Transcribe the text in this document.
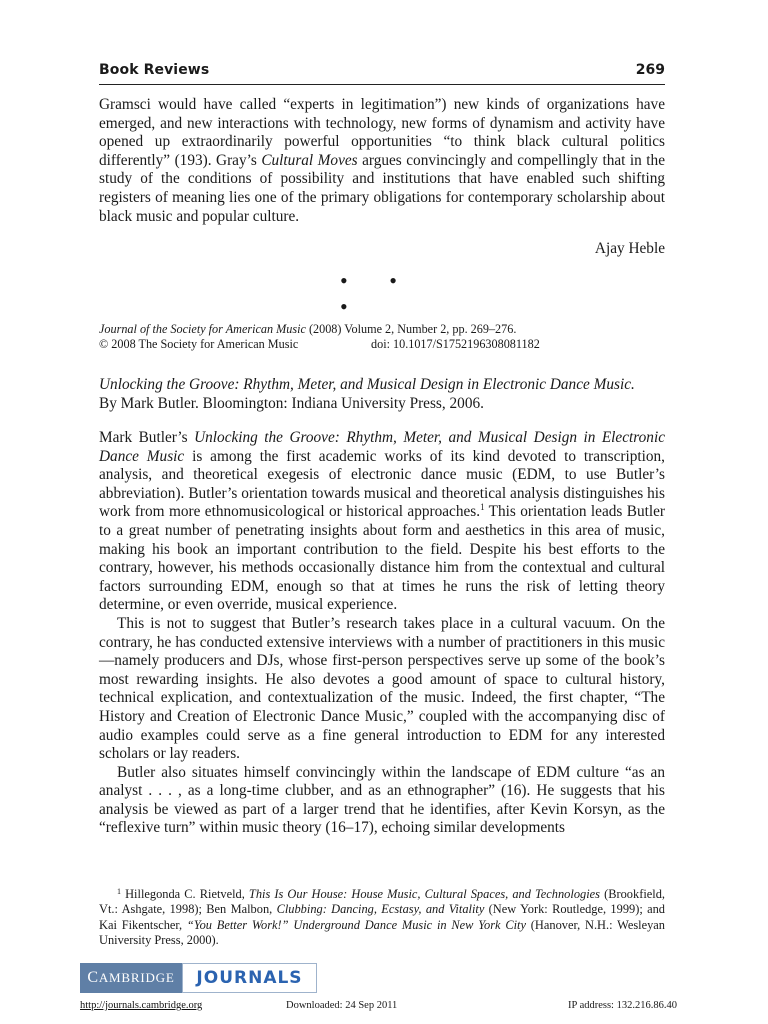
Book Reviews	269

Gramsci would have called “experts in legitimation”) new kinds of organizations have emerged, and new interactions with technology, new forms of dynamism and activity have opened up extraordinarily powerful opportunities “to think black cultural politics differently” (193). Gray’s Cultural Moves argues convincingly and compellingly that in the study of the conditions of possibility and institutions that have enabled such shifting registers of meaning lies one of the primary obligations for contemporary scholarship about black music and popular culture.

Ajay Heble
• • •
Journal of the Society for American Music (2008) Volume 2, Number 2, pp. 269–276.
© 2008 The Society for American Music	doi: 10.1017/S1752196308081182
Unlocking the Groove: Rhythm, Meter, and Musical Design in Electronic Dance Music.
By Mark Butler. Bloomington: Indiana University Press, 2006.

Mark Butler’s Unlocking the Groove: Rhythm, Meter, and Musical Design in Electronic Dance Music is among the first academic works of its kind devoted to transcription, analysis, and theoretical exegesis of electronic dance music (EDM, to use Butler’s abbreviation). Butler’s orientation towards musical and theoretical analysis distinguishes his work from more ethnomusicological or historical approaches.$^1$ This orientation leads Butler to a great number of penetrating insights about form and aesthetics in this area of music, making his book an important contribution to the field. Despite his best efforts to the contrary, however, his methods occasionally distance him from the contextual and cultural factors surrounding EDM, enough so that at times he runs the risk of letting theory determine, or even override, musical experience.

This is not to suggest that Butler’s research takes place in a cultural vacuum. On the contrary, he has conducted extensive interviews with a number of practitioners in this music—namely producers and DJs, whose first-person perspectives serve up some of the book’s most rewarding insights. He also devotes a good amount of space to cultural history, technical explication, and contextualization of the music. Indeed, the first chapter, “The History and Creation of Electronic Dance Music,” coupled with the accompanying disc of audio examples could serve as a fine general introduction to EDM for any interested scholars or lay readers.

Butler also situates himself convincingly within the landscape of EDM culture “as an analyst . . . , as a long-time clubber, and as an ethnographer” (16). He suggests that his analysis be viewed as part of a larger trend that he identifies, after Kevin Korsyn, as the “reflexive turn” within music theory (16–17), echoing similar developments

$^1$ Hillegonda C. Rietveld, This Is Our House: House Music, Cultural Spaces, and Technologies (Brookfield, Vt.: Ashgate, 1998); Ben Malbon, Clubbing: Dancing, Ecstasy, and Vitality (New York: Routledge, 1999); and Kai Fikentscher, “You Better Work!” Underground Dance Music in New York City (Hanover, N.H.: Wesleyan University Press, 2000).
C AMBRIDGE	JOURNALS
http://journals.cambridge.org	Downloaded: 24 Sep 2011	IP address: 132.216.86.40
